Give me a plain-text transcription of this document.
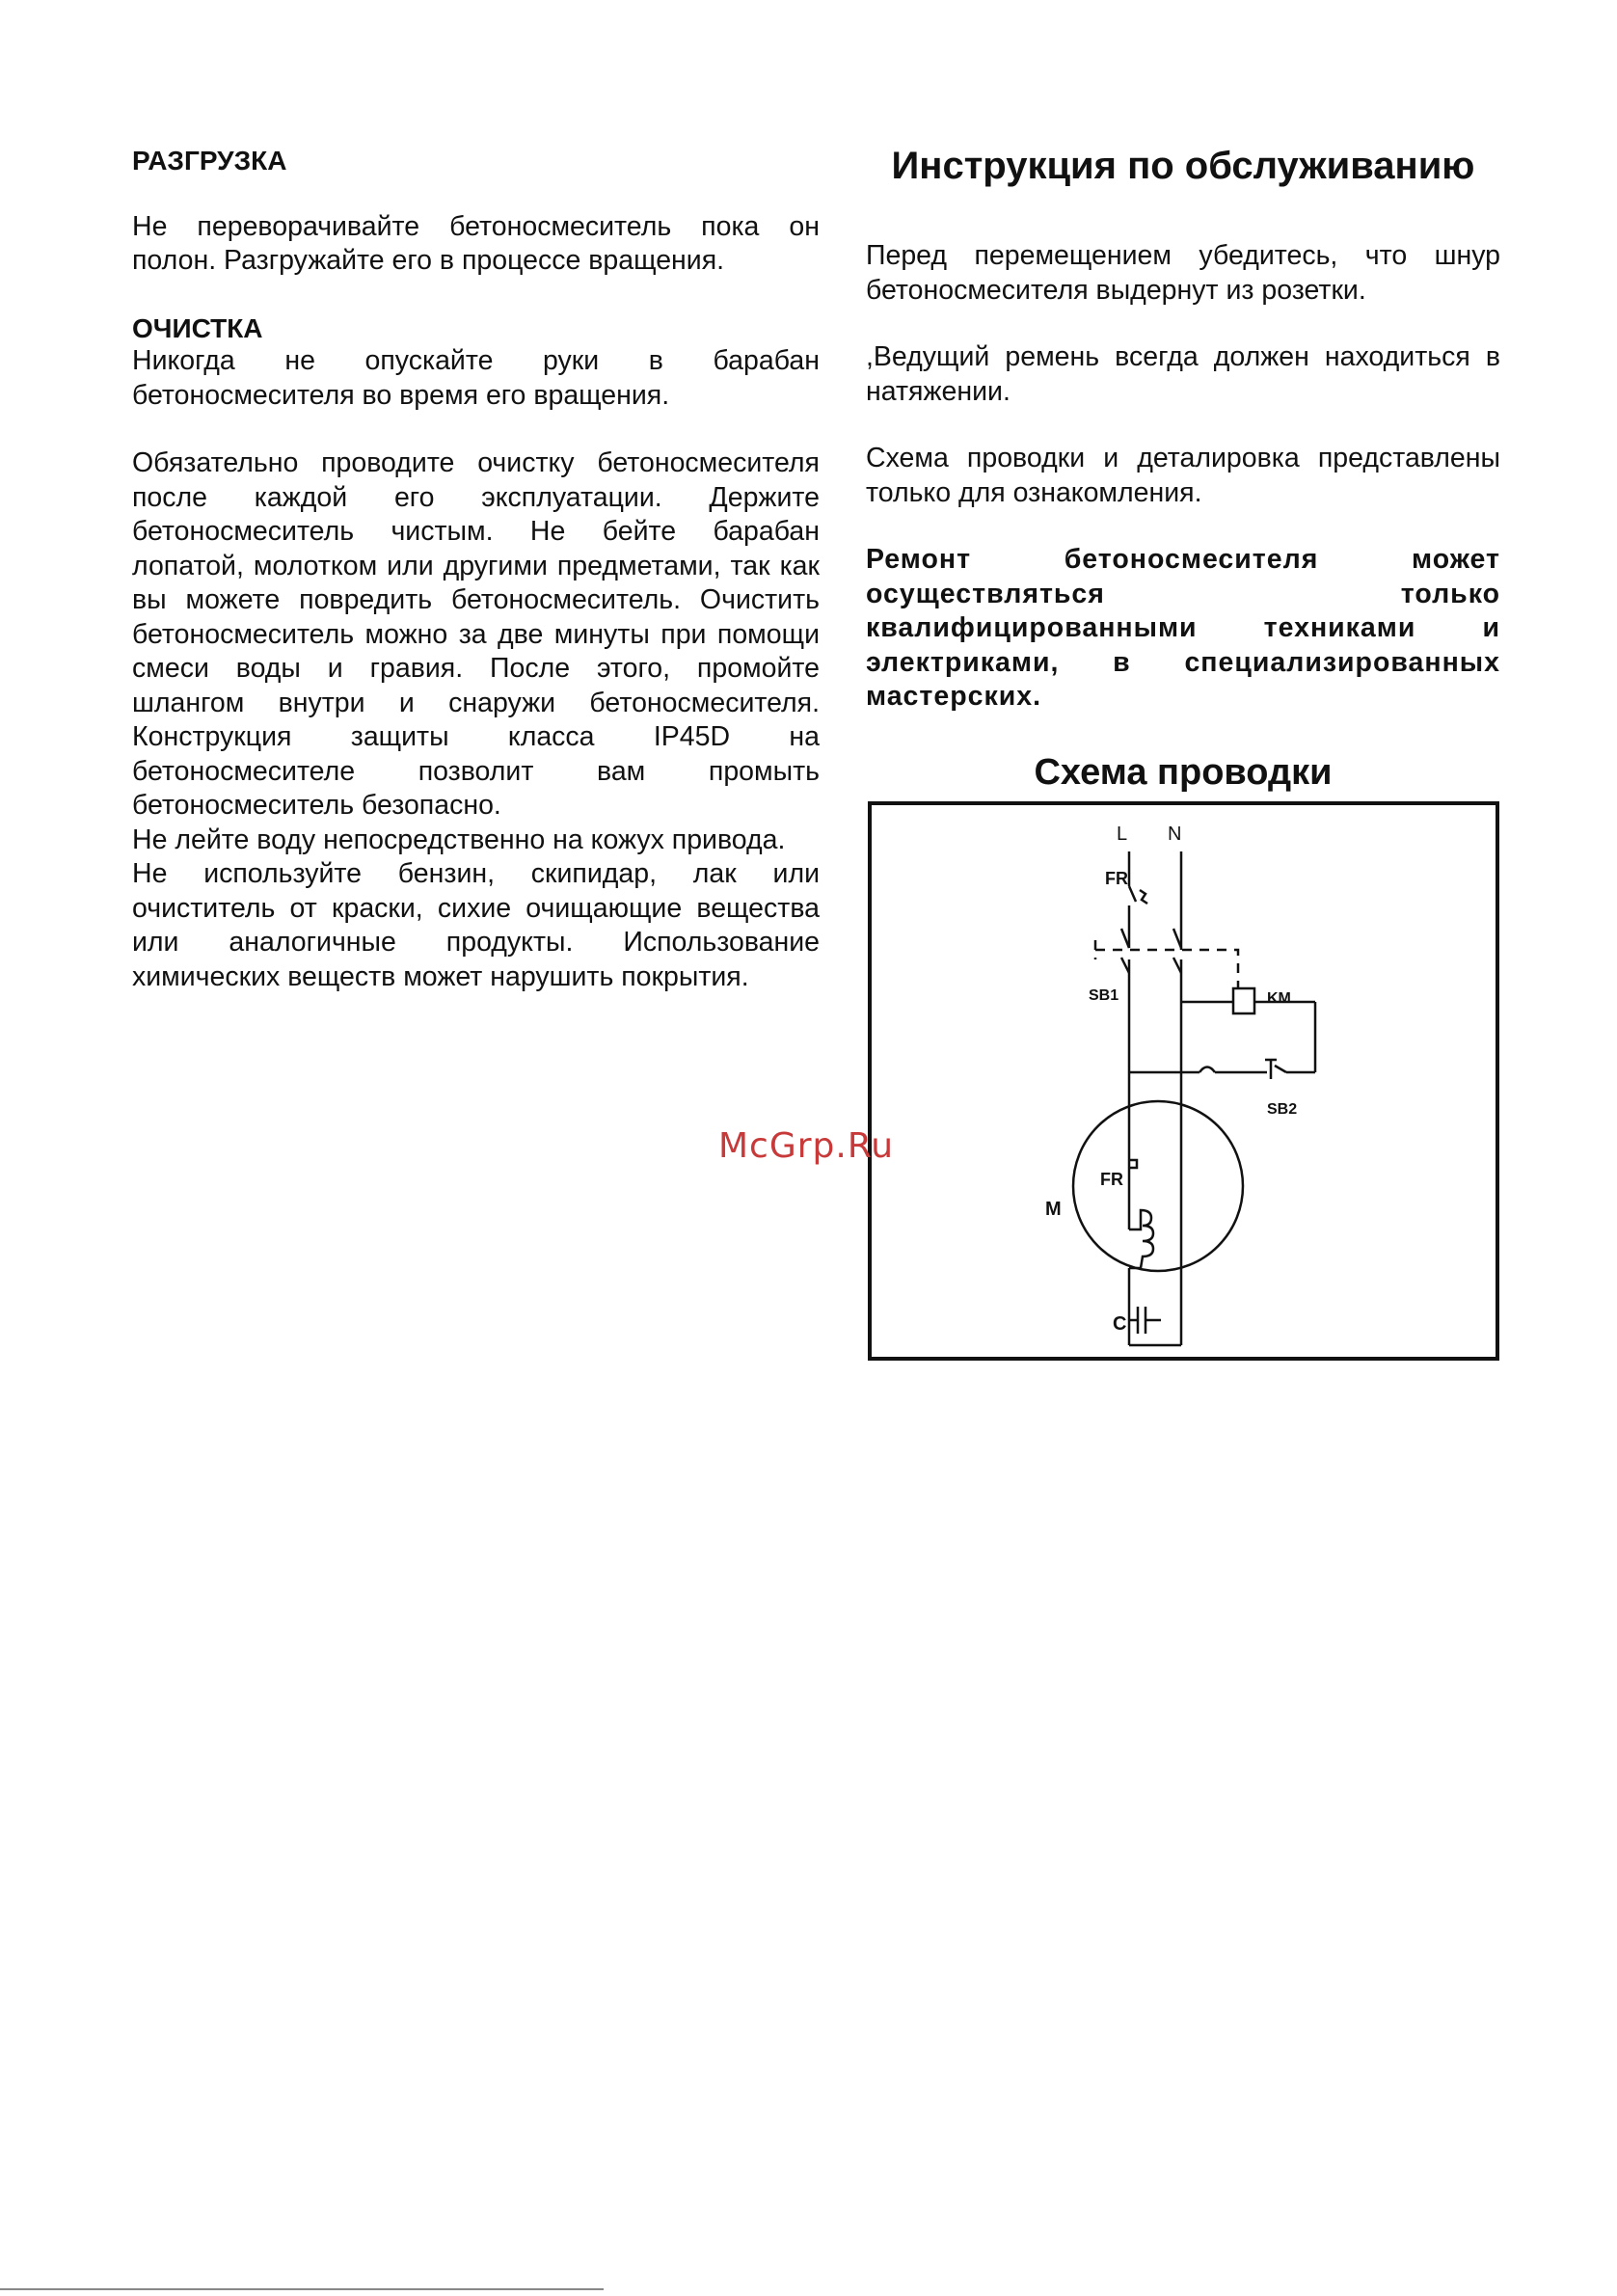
РАЗГРУЗКА

Не переворачивайте бетоносмеситель пока он полон. Разгружайте его в процессе вращения.

ОЧИСТКА

Никогда не опускайте руки в барабан бетоносмесителя во время его вращения.

Обязательно проводите очистку бетоносмесителя после каждой его эксплуатации. Держите бетоносмеситель чистым. Не бейте барабан лопатой, молотком или другими предметами, так как вы можете повредить бетоносмеситель. Очистить бетоносмеситель можно за две минуты при помощи смеси воды и гравия. После этого, промойте шлангом внутри и снаружи бетоносмесителя. Конструкция защиты класса IP45D на бетоносмесителе позволит вам промыть бетоносмеситель безопасно.

Не лейте воду непосредственно на кожух привода.

Не используйте бензин, скипидар, лак или очиститель от краски, сихие очищающие вещества или аналогичные продукты. Использование химических веществ может нарушить покрытия.

Инструкция по обслуживанию

Перед перемещением убедитесь, что шнур бетоносмесителя выдернут из розетки.

,Ведущий ремень всегда должен находиться в натяжении.

Схема проводки и деталировка представлены только для ознакомления.

Ремонт бетоносмесителя может осуществляться только квалифицированными техниками и электриками, в специализированных мастерских.

Схема проводки
L N
FR
SB1	KM
SB2
M
FR
C
McGrp.Ru
